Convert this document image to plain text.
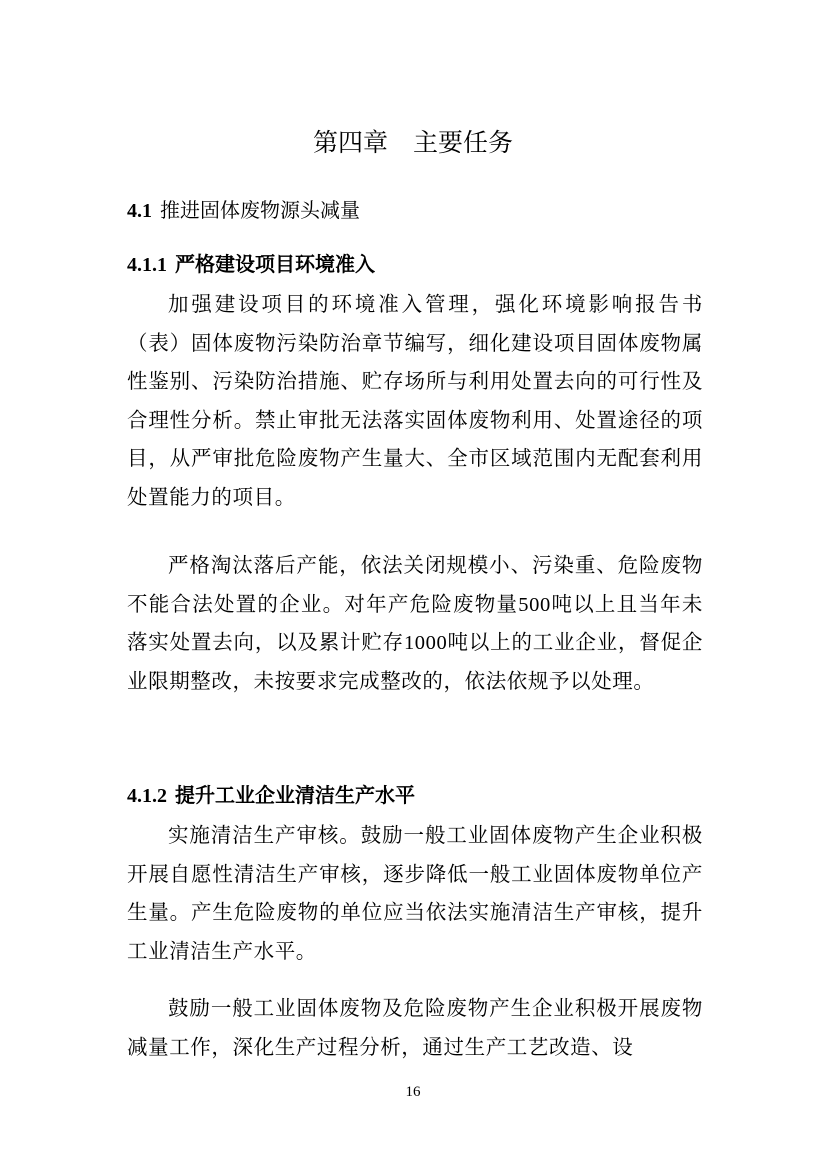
第四章　主要任务
4.1 推进固体废物源头减量
4.1.1 严格建设项目环境准入

加强建设项目的环境准入管理，强化环境影响报告书（表）固体废物污染防治章节编写，细化建设项目固体废物属性鉴别、污染防治措施、贮存场所与利用处置去向的可行性及合理性分析。禁止审批无法落实固体废物利用、处置途径的项目，从严审批危险废物产生量大、全市区域范围内无配套利用处置能力的项目。

严格淘汰落后产能，依法关闭规模小、污染重、危险废物不能合法处置的企业。对年产危险废物量500吨以上且当年未落实处置去向，以及累计贮存1000吨以上的工业企业，督促企业限期整改，未按要求完成整改的，依法依规予以处理。

4.1.2 提升工业企业清洁生产水平

实施清洁生产审核。鼓励一般工业固体废物产生企业积极开展自愿性清洁生产审核，逐步降低一般工业固体废物单位产生量。产生危险废物的单位应当依法实施清洁生产审核，提升工业清洁生产水平。

鼓励一般工业固体废物及危险废物产生企业积极开展废物减量工作，深化生产过程分析，通过生产工艺改造、设

16
